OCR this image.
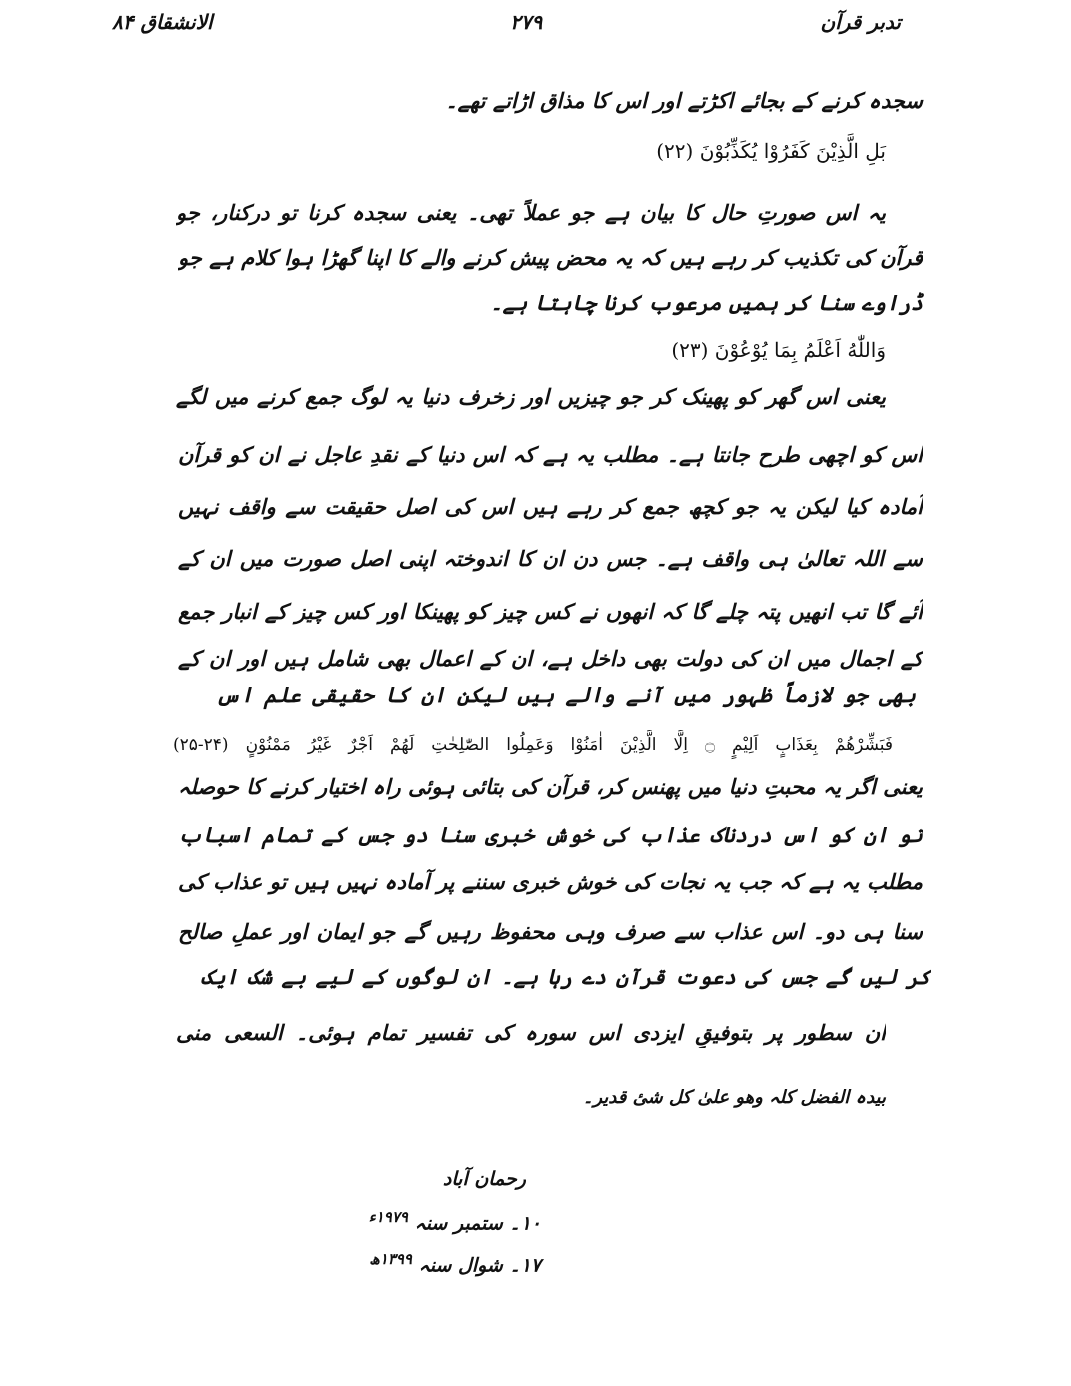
تدبر قرآن
۲۷۹
الانشقاق ۸۴
سجدہ کرنے کے بجائے اکڑتے اور اس کا مذاق اڑاتے تھے۔
بَلِ الَّذِيْنَ كَفَرُوْا يُكَذِّبُوْنَ (۲۲)
یہ اس صورتِ حال کا بیان ہے جو عملاً تھی۔ یعنی سجدہ کرنا تو درکنار، جو
قرآن کی تکذیب کر رہے ہیں کہ یہ محض پیش کرنے والے کا اپنا گھڑا ہوا کلام ہے جو
ڈراوے سنا کر ہمیں مرعوب کرنا چاہتا ہے۔
وَاللّٰهُ اَعْلَمُ بِمَا يُوْعُوْنَ (۲۳)
یعنی اس گھر کو پھینک کر جو چیزیں اور زخرف دنیا یہ لوگ جمع کرنے میں لگے
اس کو اچھی طرح جانتا ہے۔ مطلب یہ ہے کہ اس دنیا کے نقدِ عاجل نے ان کو قرآن
آمادہ کیا لیکن یہ جو کچھ جمع کر رہے ہیں اس کی اصل حقیقت سے واقف نہیں
سے اللہ تعالیٰ ہی واقف ہے۔ جس دن ان کا اندوختہ اپنی اصل صورت میں ان کے
آئے گا تب انھیں پتہ چلے گا کہ انھوں نے کس چیز کو پھینکا اور کس چیز کے انبار جمع
کے اجمال میں ان کی دولت بھی داخل ہے، ان کے اعمال بھی شامل ہیں اور ان کے
بھی جو لازماً ظہور میں آنے والے ہیں لیکن ان کا حقیقی علم اس
فَبَشِّرْهُمْ بِعَذَابٍ اَلِيْمٍ ۝ اِلَّا الَّذِيْنَ اٰمَنُوْا وَعَمِلُوا الصّٰلِحٰتِ لَهُمْ اَجْرٌ غَيْرُ مَمْنُوْنٍ (۲۴-۲۵)
یعنی اگر یہ محبتِ دنیا میں پھنس کر، قرآن کی بتائی ہوئی راہ اختیار کرنے کا حوصلہ
تو ان کو اس دردناک عذاب کی خوش خبری سنا دو جس کے تمام اسباب
مطلب یہ ہے کہ جب یہ نجات کی خوش خبری سننے پر آمادہ نہیں ہیں تو عذاب کی
سنا ہی دو۔ اس عذاب سے صرف وہی محفوظ رہیں گے جو ایمان اور عملِ صالح
کر لیں گے جس کی دعوت قرآن دے رہا ہے۔ ان لوگوں کے لیے بے شک ایک
ان سطور پر بتوفیقِ ایزدی اس سورہ کی تفسیر تمام ہوئی۔ السعی منی
بیدہ الفضل کلہ وھو علیٰ کل شیٔ قدیر۔
رحمان آباد
۱۰۔ ستمبر سنہ $^{۱۹۷۹ء}$
۱۷۔ شوال سنہ $^{۱۳۹۹ھ}$
